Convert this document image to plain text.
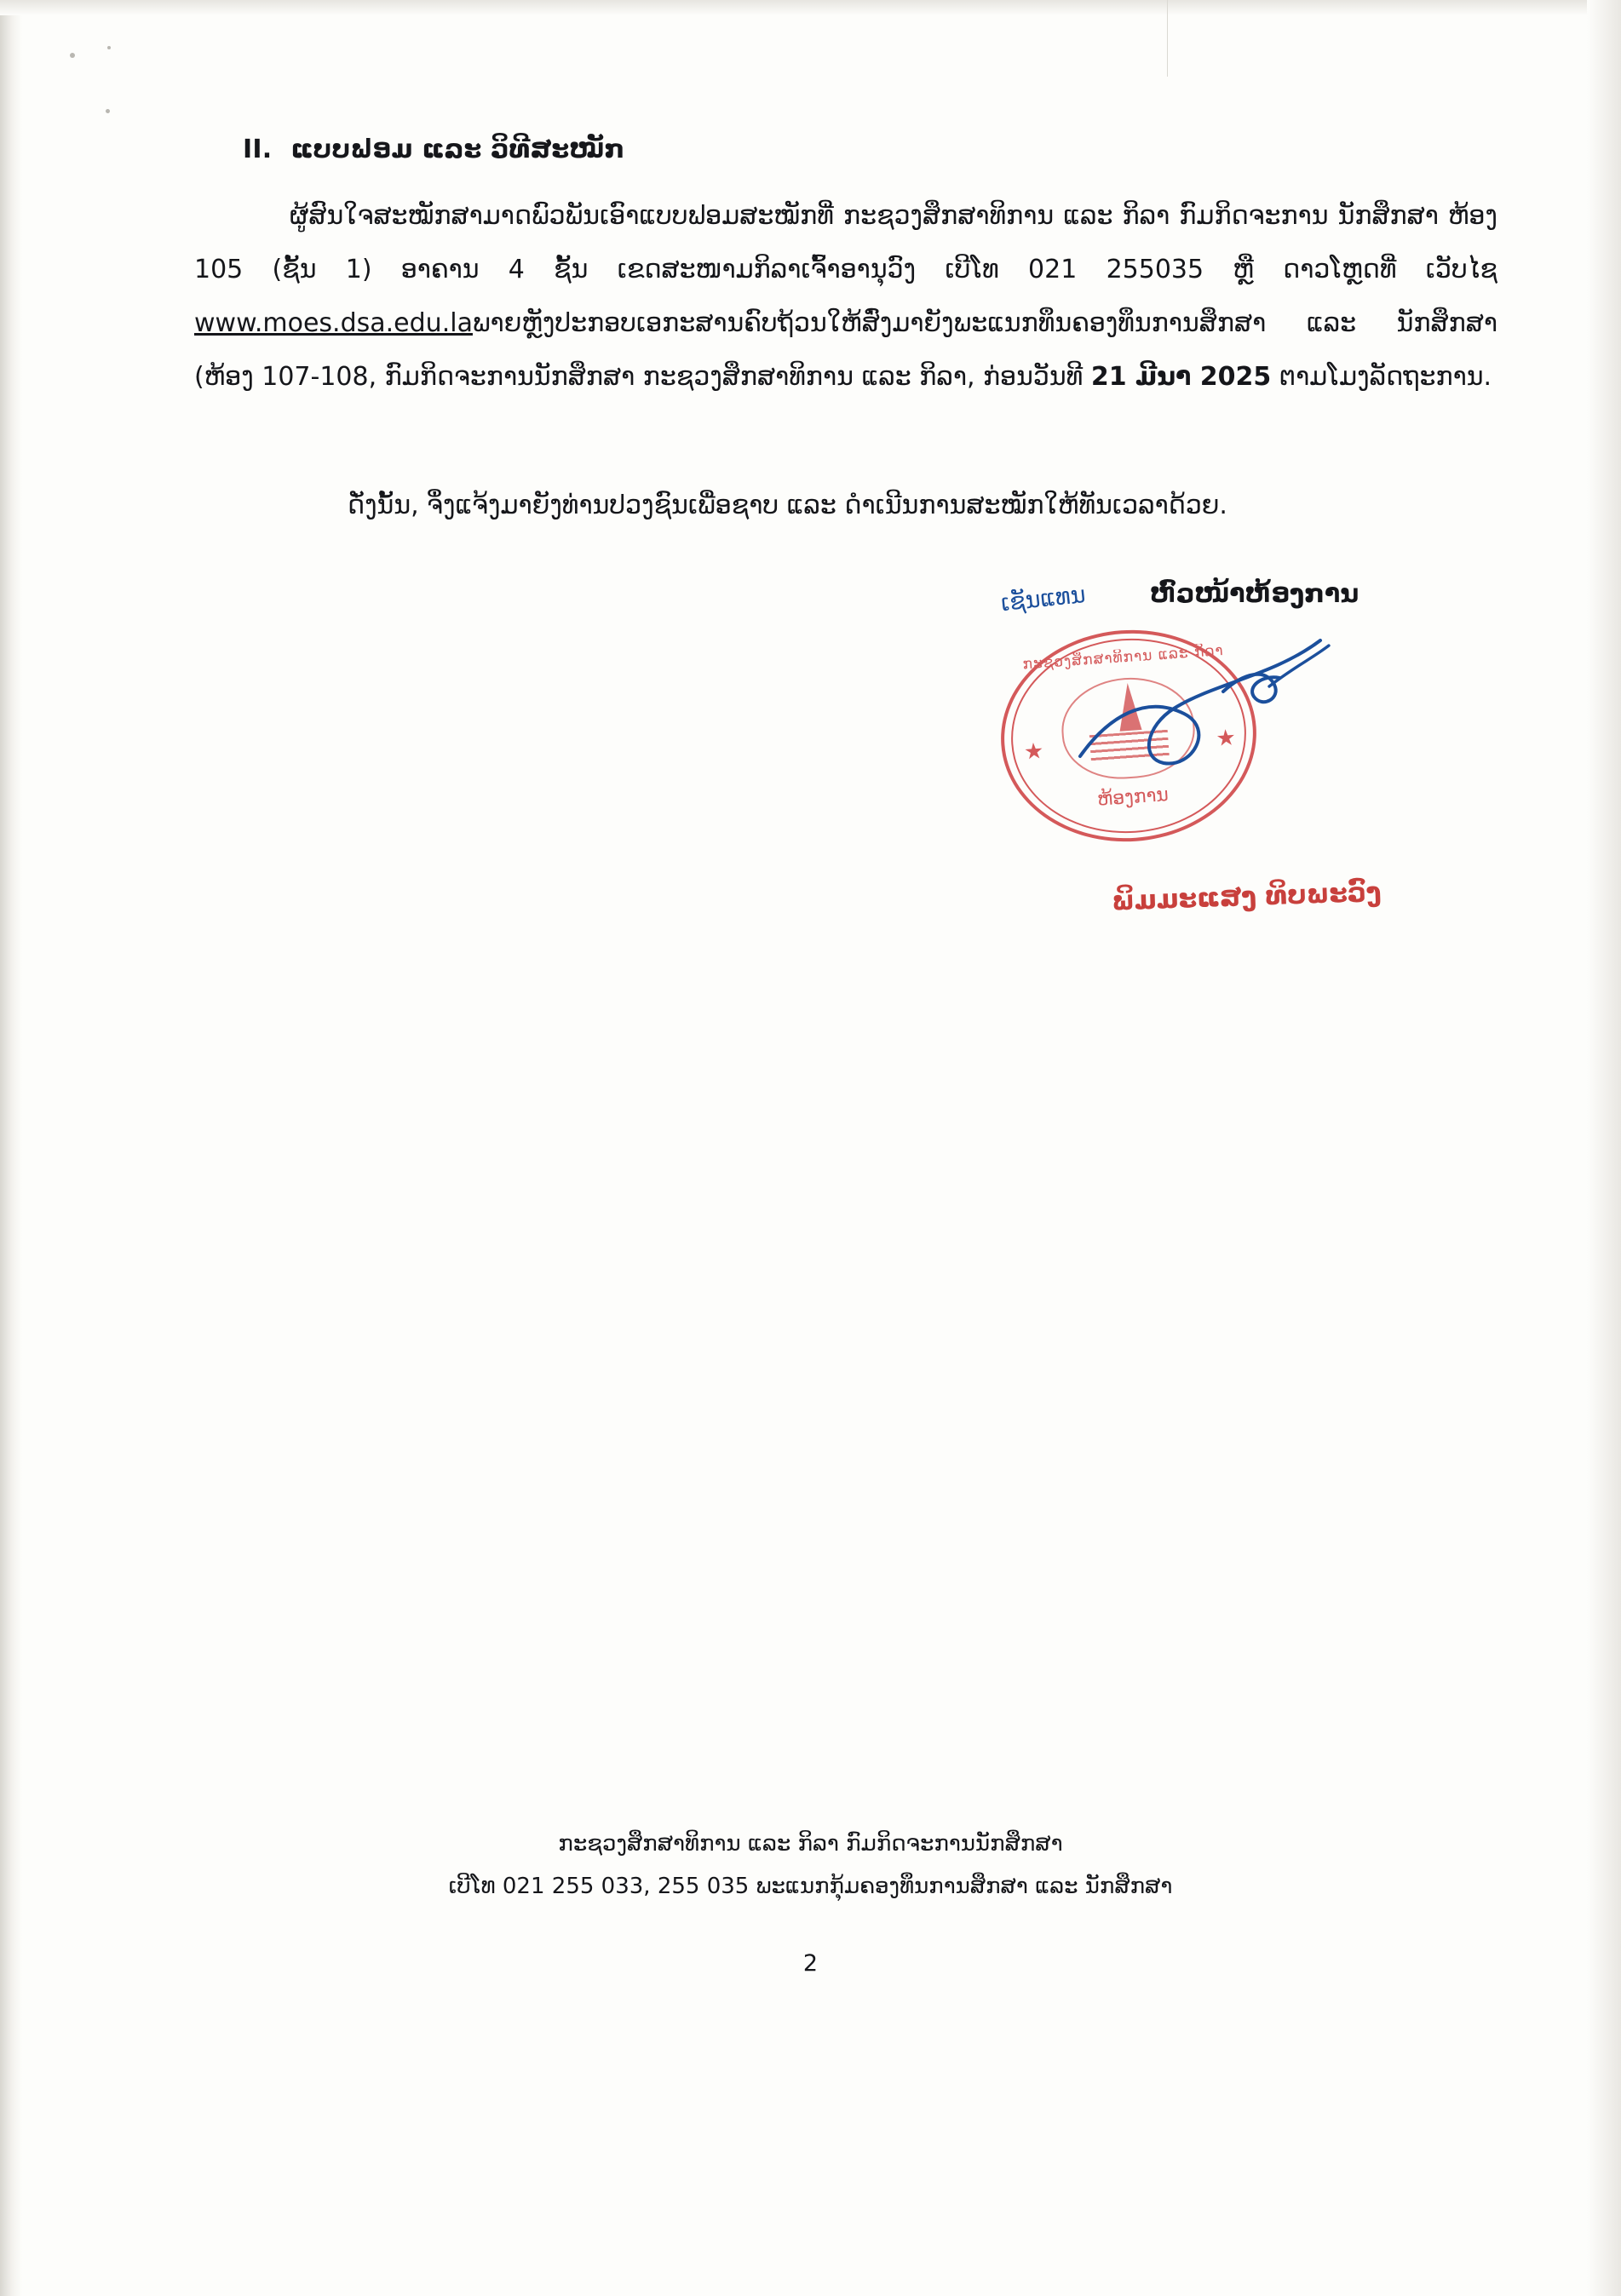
II. ແບບຟອມ ແລະ ວິທີສະໝັກ
ຜູ້ສົນໃຈສະໝັກສາມາດພົວພັນເອົາແບບຟອມສະໝັກທີ່ ກະຊວງສຶກສາທິການ ແລະ ກິລາ ກົມກິດຈະການ ນັກສຶກສາ ຫ້ອງ 105 (ຊັ້ນ 1) ອາຄານ 4 ຊັ້ນ ເຂດສະໜາມກິລາເຈົ້າອານຸວົງ ເບີໂທ 021 255035 ຫຼື ດາວໂຫຼດທີ່ ເວັບໄຊ www.moes.dsa.edu.laພາຍຫຼັງປະກອບເອກະສານຄົບຖ້ວນໃຫ້ສົ່ງມາຍັງພະແນກທຶນຄອງທຶນການສຶກສາ ແລະ ນັກສຶກສາ (ຫ້ອງ 107-108, ກົມກິດຈະການນັກສຶກສາ ກະຊວງສຶກສາທິການ ແລະ ກິລາ, ກ່ອນວັນທີ 21 ມີນາ 2025 ຕາມໂມງລັດຖະການ.
ດັ່ງນັ້ນ, ຈຶ່ງແຈ້ງມາຍັງທ່ານປວງຊົນເພື່ອຊາບ ແລະ ດຳເນີນການສະໝັກໃຫ້ທັນເວລາດ້ວຍ.
ຫົວໜ້າຫ້ອງການ
ເຊັນແທນ
ກະຊວງສຶກສາທິການ ແລະ ກິລາ
★	★
ຫ້ອງການ
ພິມມະແສງ ທິບພະວົງ
ກະຊວງສຶກສາທິການ ແລະ ກິລາ ກົມກິດຈະການນັກສຶກສາ
ເບີໂທ 021 255 033, 255 035 ພະແນກກຸ້ມຄອງທຶນການສຶກສາ ແລະ ນັກສຶກສາ
2
